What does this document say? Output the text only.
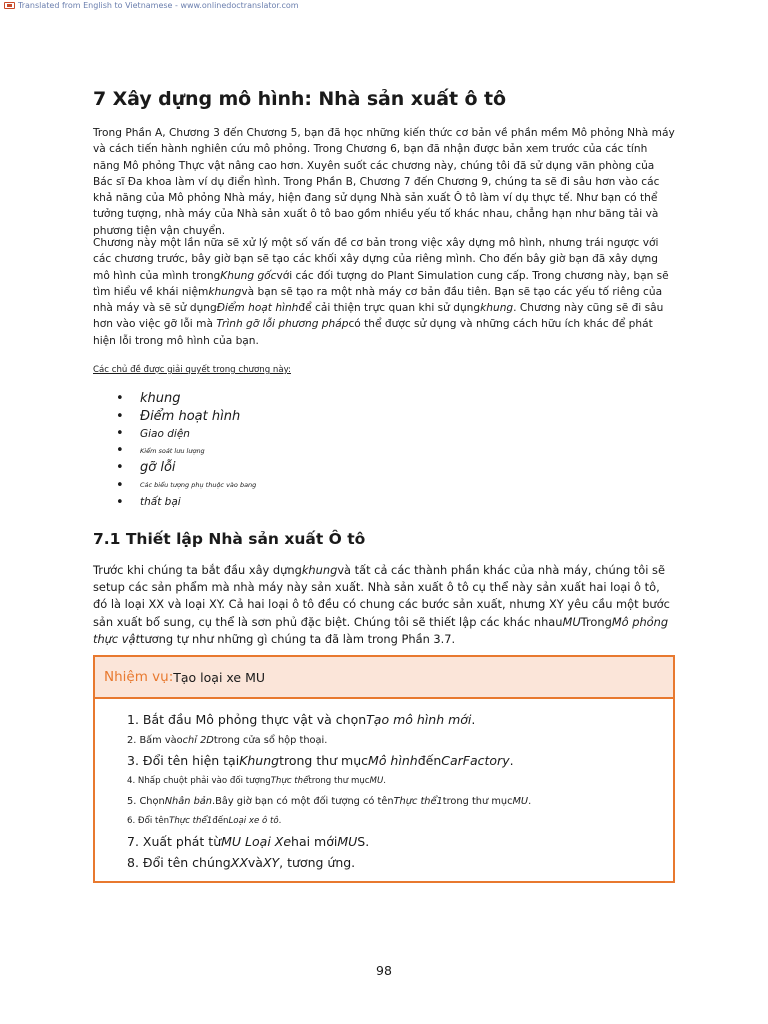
Translated from English to Vietnamese - www.onlinedoctranslator.com
7 Xây dựng mô hình: Nhà sản xuất ô tô

Trong Phần A, Chương 3 đến Chương 5, bạn đã học những kiến thức cơ bản về phần mềm Mô phỏng Nhà máy và cách tiến hành nghiên cứu mô phỏng. Trong Chương 6, bạn đã nhận được bản xem trước của các tính năng Mô phỏng Thực vật nâng cao hơn. Xuyên suốt các chương này, chúng tôi đã sử dụng văn phòng của Bác sĩ Đa khoa làm ví dụ điển hình. Trong Phần B, Chương 7 đến Chương 9, chúng ta sẽ đi sâu hơn vào các khả năng của Mô phỏng Nhà máy, hiện đang sử dụng Nhà sản xuất Ô tô làm ví dụ thực tế. Như bạn có thể tưởng tượng, nhà máy của Nhà sản xuất ô tô bao gồm nhiều yếu tố khác nhau, chẳng hạn như băng tải và phương tiện vận chuyển.

Chương này một lần nữa sẽ xử lý một số vấn đề cơ bản trong việc xây dựng mô hình, nhưng trái ngược với các chương trước, bây giờ bạn sẽ tạo các khối xây dựng của riêng mình. Cho đến bây giờ bạn đã xây dựng mô hình của mình trongKhung gốcvới các đối tượng do Plant Simulation cung cấp. Trong chương này, bạn sẽ tìm hiểu về khái niệmkhungvà bạn sẽ tạo ra một nhà máy cơ bản đầu tiên. Bạn sẽ tạo các yếu tố riêng của nhà máy và sẽ sử dụngĐiểm hoạt hìnhđể cải thiện trực quan khi sử dụngkhung. Chương này cũng sẽ đi sâu hơn vào việc gỡ lỗi mà Trình gỡ lỗi phương phápcó thể được sử dụng và những cách hữu ích khác để phát hiện lỗi trong mô hình của bạn.

Các chủ đề được giải quyết trong chương này:

• khung
• Điểm hoạt hình
• Giao diện
• Kiểm soát lưu lượng
• gỡ lỗi
• Các biểu tượng phụ thuộc vào bang
• thất bại
7.1 Thiết lập Nhà sản xuất Ô tô

Trước khi chúng ta bắt đầu xây dựngkhungvà tất cả các thành phần khác của nhà máy, chúng tôi sẽ setup các sản phẩm mà nhà máy này sản xuất. Nhà sản xuất ô tô cụ thể này sản xuất hai loại ô tô, đó là loại XX và loại XY. Cả hai loại ô tô đều có chung các bước sản xuất, nhưng XY yêu cầu một bước sản xuất bổ sung, cụ thể là sơn phủ đặc biệt. Chúng tôi sẽ thiết lập các khác nhauMUTrongMô phỏng thực vậttương tự như những gì chúng ta đã làm trong Phần 3.7.

Nhiệm vụ: Tạo loại xe MU
1. Bắt đầu Mô phỏng thực vật và chọn Tạo mô hình mới .
2. Bấm vào chỉ 2D trong cửa sổ hộp thoại.
3. Đổi tên hiện tại Khung trong thư mục Mô hình đến CarFactory .
4. Nhấp chuột phải vào đối tượng Thực thể trong thư mục MU .
5. Chọn Nhân bản .Bây giờ bạn có một đối tượng có tên Thực thể1 trong thư mục MU .
6. Đổi tên Thực thể1 đến Loại xe ô tô .
7. Xuất phát từ MU Loại Xe hai mới MU S.
8. Đổi tên chúng XX và XY , tương ứng.
98
